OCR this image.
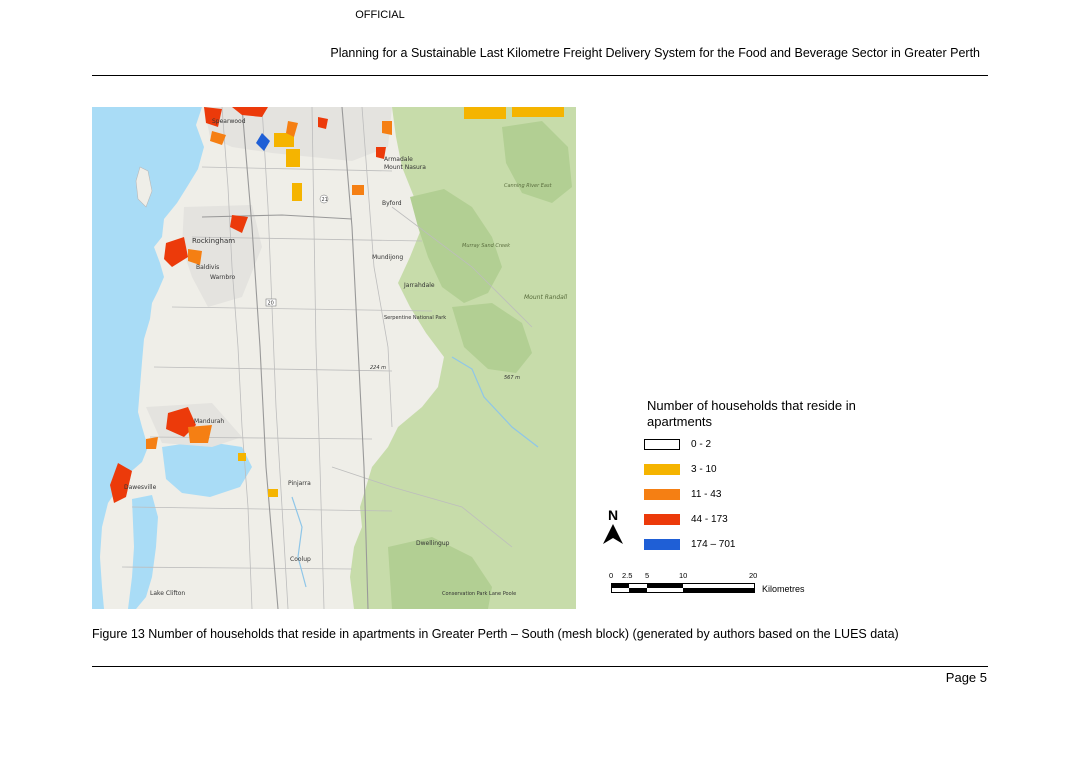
OFFICIAL
Planning for a Sustainable Last Kilometre Freight Delivery System for the Food and Beverage Sector in Greater Perth
Spearwood
Armadale
Mount Nasura
Byford
Mundijong
Rockingham
Baldivis
Warnbro
Jarrahdale
Mount Randall
Serpentine National Park
Mandurah
Pinjarra
Dawesville
Dwellingup
Coolup
Lake Clifton	Conservation Park Lane Poole
Canning River East
Murray Sand Creek
224 m
567 m
21
20
Number of households that reside in apartments
0 - 2
3 - 10
11 - 43
44 - 173
174 – 701
N
0 2.5 5	10	20
Kilometres
Figure 13 Number of households that reside in apartments in Greater Perth – South (mesh block) (generated by authors based on the LUES data)
Page 5
